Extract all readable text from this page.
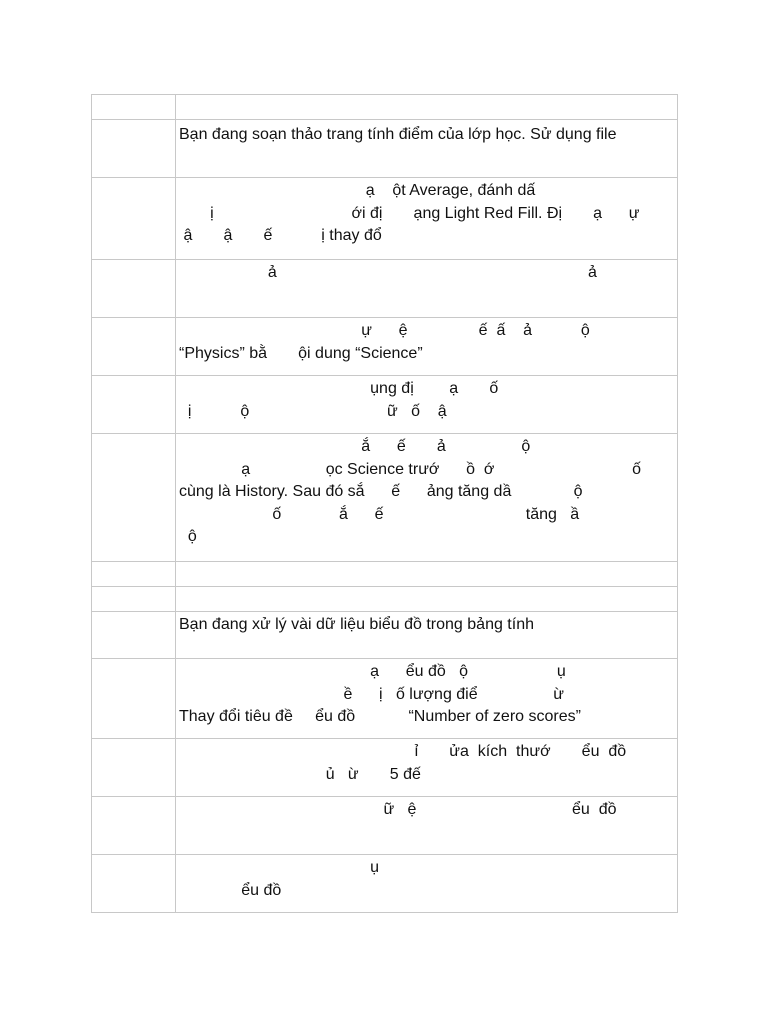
	Bạn đang soạn thảo trang tính điểm của lớp học. Sử dụng file

	ạ    ột Average, đánh dấ
ị                               ới đị       ạng Light Red Fill. Đị       ạ      ự
ậ       ậ       ế           ị thay đổ

	ả                                                                      ả

	ự      ệ                ế  ấ    ả           ộ
“Physics” bằ       ội dung “Science”

	ụng đị        ạ       ố
ị           ộ                               ữ   ố    ậ

	ắ      ế       ả                 ộ
ạ                 ọc Science trướ      ồ  ớ                               ố
cùng là History. Sau đó sắ      ế      ảng tăng dầ              ộ
ố             ắ      ế                                tăng   ầ
ộ

	Bạn đang xử lý vài dữ liệu biểu đồ trong bảng tính

	ạ      ểu đồ   ộ                    ụ
ề      ị   ố lượng điể                 ừ
Thay đổi tiêu đề     ểu đồ            “Number of zero scores”

	ỉ       ửa  kích  thướ       ểu  đồ
ủ   ừ       5 đế

	ữ   ệ                                   ểu  đồ

	ụ
ểu đồ
